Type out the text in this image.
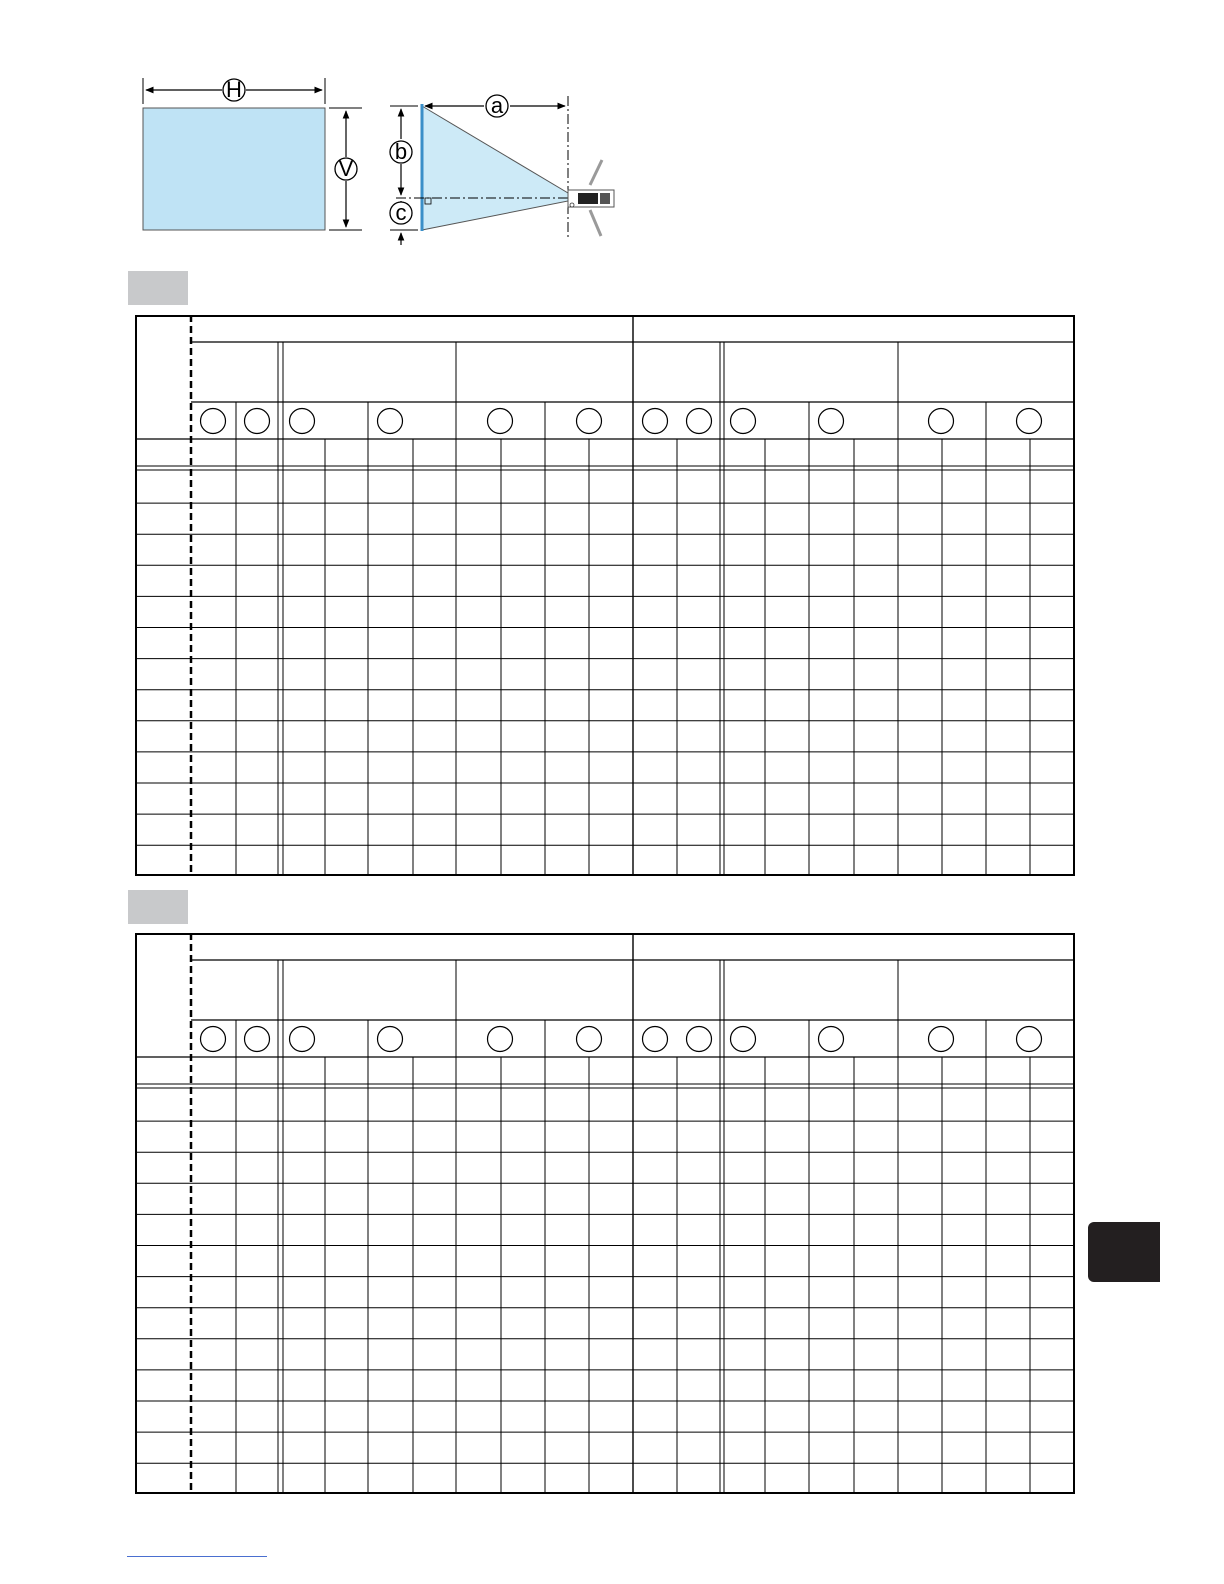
H
V
a
b
c
